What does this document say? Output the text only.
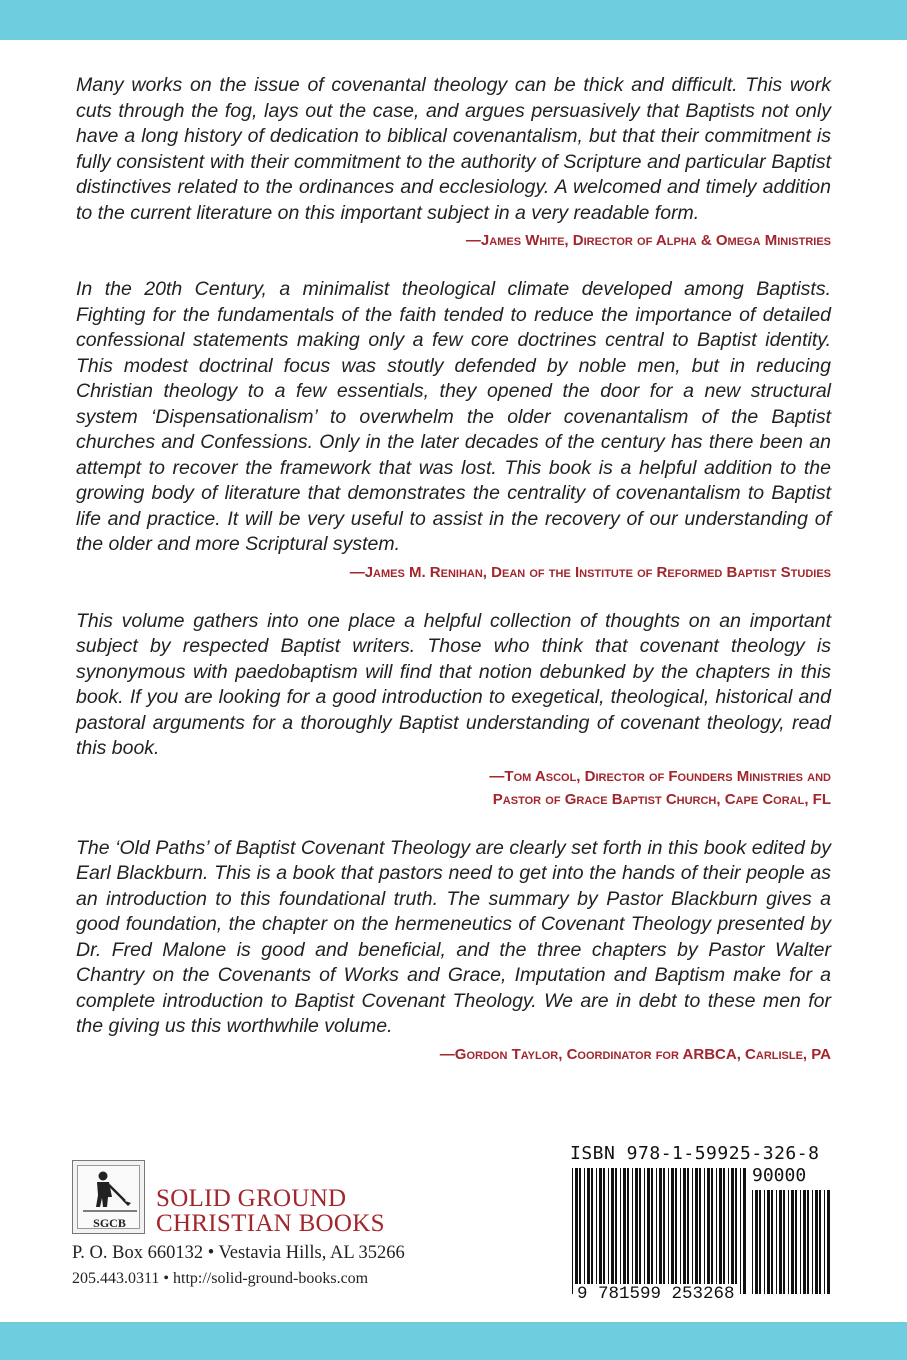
Many works on the issue of covenantal theology can be thick and difficult. This work cuts through the fog, lays out the case, and argues persuasively that Baptists not only have a long history of dedication to biblical covenantalism, but that their commitment is fully consistent with their commitment to the authority of Scripture and particular Baptist distinctives related to the ordinances and ecclesiology. A welcomed and timely addition to the current literature on this important subject in a very readable form.

—James White, Director of Alpha & Omega Ministries

In the 20th Century, a minimalist theological climate developed among Baptists. Fighting for the fundamentals of the faith tended to reduce the importance of detailed confessional statements making only a few core doctrines central to Baptist identity. This modest doctrinal focus was stoutly defended by noble men, but in reducing Christian theology to a few essentials, they opened the door for a new structural system ‘Dispensationalism’ to overwhelm the older covenantalism of the Baptist churches and Confessions. Only in the later decades of the century has there been an attempt to recover the framework that was lost. This book is a helpful addition to the growing body of literature that demonstrates the centrality of covenantalism to Baptist life and practice. It will be very useful to assist in the recovery of our understanding of the older and more Scriptural system.

—James M. Renihan, Dean of the Institute of Reformed Baptist Studies

This volume gathers into one place a helpful collection of thoughts on an important subject by respected Baptist writers. Those who think that covenant theology is synonymous with paedobaptism will find that notion debunked by the chapters in this book. If you are looking for a good introduction to exegetical, theological, historical and pastoral arguments for a thoroughly Baptist understanding of covenant theology, read this book.

—Tom Ascol, Director of Founders Ministries and
Pastor of Grace Baptist Church, Cape Coral, FL

The ‘Old Paths’ of Baptist Covenant Theology are clearly set forth in this book edited by Earl Blackburn. This is a book that pastors need to get into the hands of their people as an introduction to this foundational truth. The summary by Pastor Blackburn gives a good foundation, the chapter on the hermeneutics of Covenant Theology presented by Dr. Fred Malone is good and beneficial, and the three chapters by Pastor Walter Chantry on the Covenants of Works and Grace, Imputation and Baptism make for a complete introduction to Baptist Covenant Theology. We are in debt to these men for the giving us this worthwhile volume.

—Gordon Taylor, Coordinator for ARBCA, Carlisle, PA
SGCB
SOLID GROUND
CHRISTIAN BOOKS
P. O. Box 660132 • Vestavia Hills, AL 35266
205.443.0311 • http://solid-ground-books.com
ISBN 978-1-59925-326-8
90000
9 781599 253268
